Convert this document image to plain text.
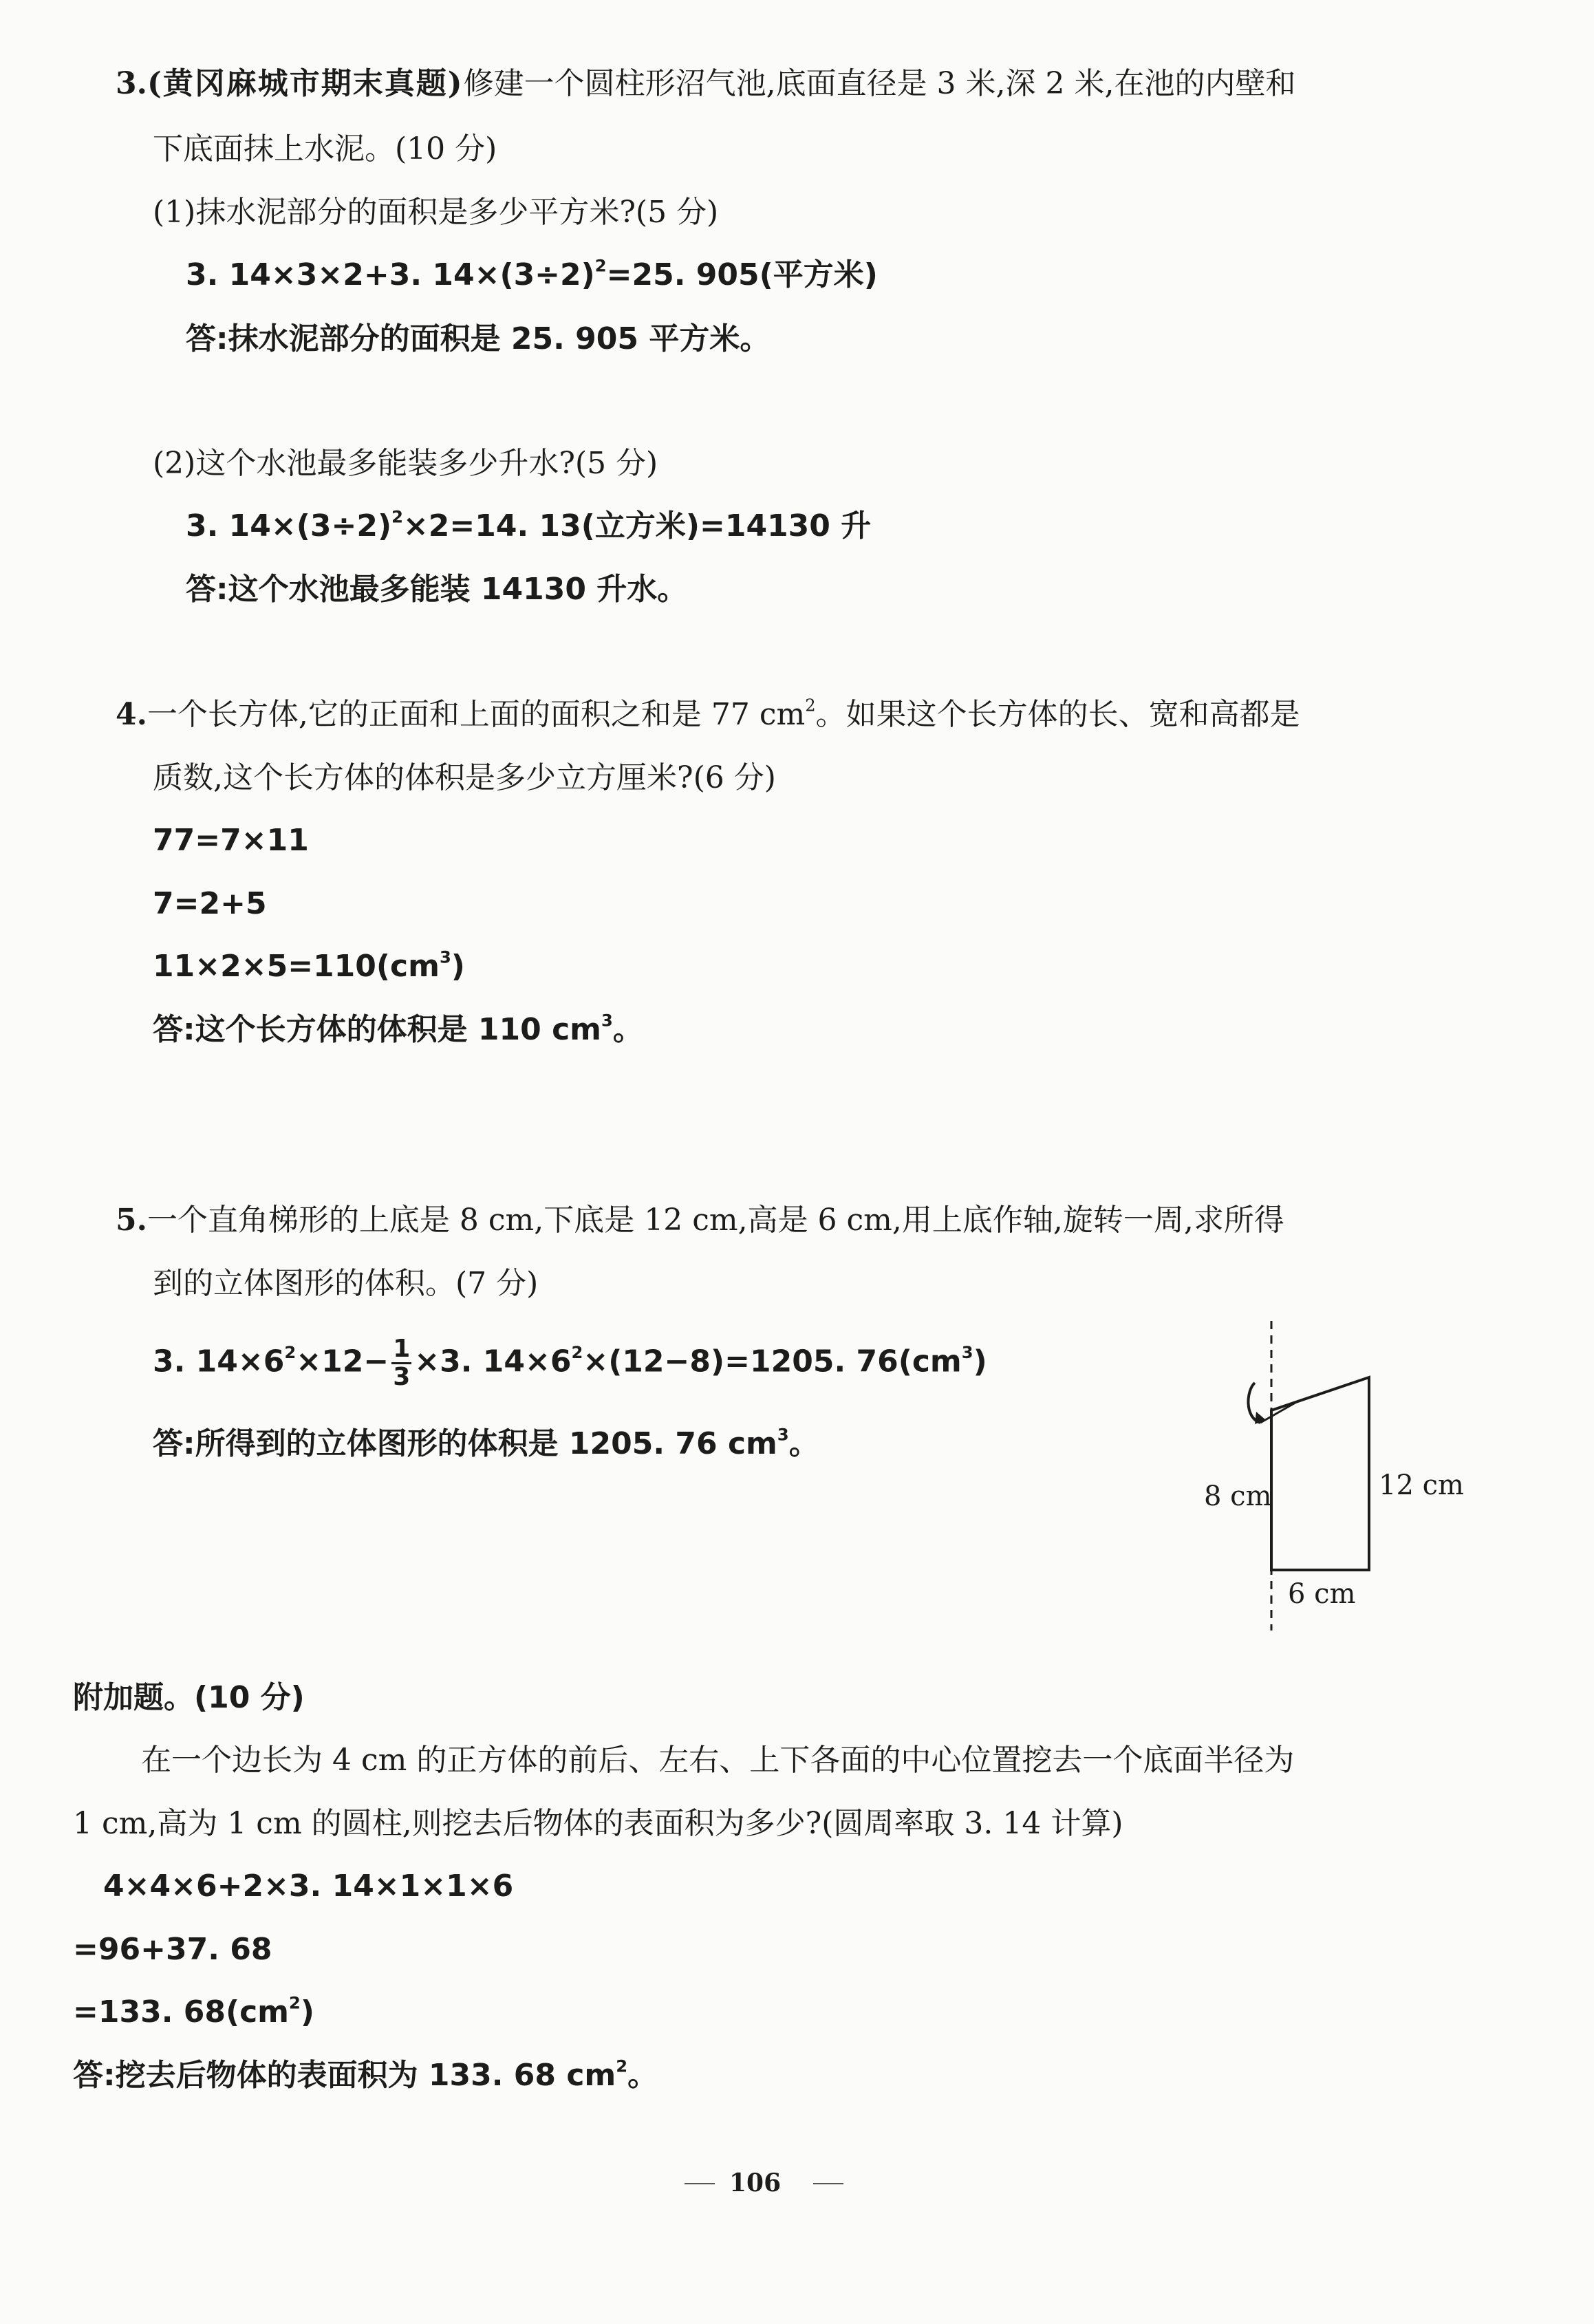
3.(黄冈麻城市期末真题)修建一个圆柱形沼气池,底面直径是 3 米,深 2 米,在池的内壁和
下底面抹上水泥。(10 分)
(1)抹水泥部分的面积是多少平方米?(5 分)
3. 14×3×2+3. $14\times(3\div 2)^2=25$. 905(平方米)
答:抹水泥部分的面积是 25. 905 平方米。
(2)这个水池最多能装多少升水?(5 分)
3. $14\times(3\div 2)^2\times 2=14$. 13(立方米)=14130 升
答:这个水池最多能装 14130 升水。
4.一个长方体,它的正面和上面的面积之和是 77 $cm^2$。如果这个长方体的长、宽和高都是
质数,这个长方体的体积是多少立方厘米?(6 分)
77=7×11
7=2+5
$11\times 2\times 5=110(cm^3)$
答:这个长方体的体积是 110 $cm^3$。
5.一个直角梯形的上底是 8 cm,下底是 12 cm,高是 6 cm,用上底作轴,旋转一周,求所得
到的立体图形的体积。(7 分)
3. $14\times 6^2\times 12- \frac{1}{3} \times 3$. $14\times 6^2\times(12-8)=1205$. $76(cm^3)$
答:所得到的立体图形的体积是 1205. 76 $cm^3$。
8 cm	12 cm
6 cm
附加题。(10 分)
在一个边长为 4 cm 的正方体的前后、左右、上下各面的中心位置挖去一个底面半径为
1 cm,高为 1 cm 的圆柱,则挖去后物体的表面积为多少?(圆周率取 3. 14 计算)
4×4×6+2×3. 14×1×1×6
=96+37. 68
=133. $68(cm^2)$
答:挖去后物体的表面积为 133. 68 $cm^2$。
106
